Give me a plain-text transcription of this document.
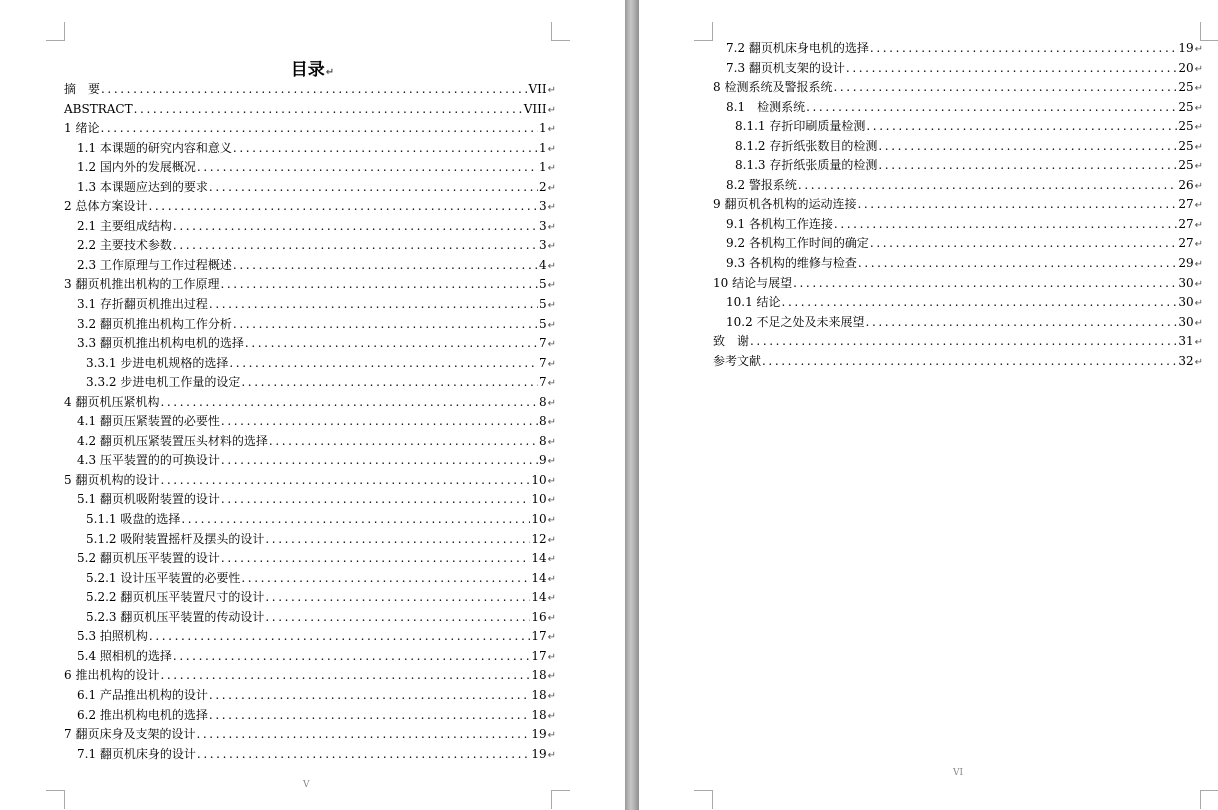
目录↵
摘　要 .....	VII ↵
ABSTRACT .....	VIII ↵
1 绪论 .....	1 ↵
1.1 本课题的研究内容和意义 .....	1 ↵
1.2 国内外的发展概况 .....	1 ↵
1.3 本课题应达到的要求 .....	2 ↵
2 总体方案设计 .....	3 ↵
2.1 主要组成结构 .....	3 ↵
2.2 主要技术参数 .....	3 ↵
2.3 工作原理与工作过程概述 .....	4 ↵
3 翻页机推出机构的工作原理 .....	5 ↵
3.1 存折翻页机推出过程 .....	5 ↵
3.2 翻页机推出机构工作分析 .....	5 ↵
3.3 翻页机推出机构电机的选择 .....	7 ↵
3.3.1 步进电机规格的选择 .....	7 ↵
3.3.2 步进电机工作量的设定 .....	7 ↵
4 翻页机压紧机构 .....	8 ↵
4.1 翻页压紧装置的必要性 .....	8 ↵
4.2 翻页机压紧装置压头材料的选择 .....	8 ↵
4.3 压平装置的的可换设计 .....	9 ↵
5 翻页机构的设计 .....	10 ↵
5.1 翻页机吸附装置的设计 .....	10 ↵
5.1.1 吸盘的选择 .....	10 ↵
5.1.2 吸附装置摇杆及摆头的设计 .....	12 ↵
5.2 翻页机压平装置的设计 .....	14 ↵
5.2.1 设计压平装置的必要性 .....	14 ↵
5.2.2 翻页机压平装置尺寸的设计 .....	14 ↵
5.2.3 翻页机压平装置的传动设计 .....	16 ↵
5.3 拍照机构 .....	17 ↵
5.4 照相机的选择 .....	17 ↵
6 推出机构的设计 .....	18 ↵
6.1 产品推出机构的设计 .....	18 ↵
6.2 推出机构电机的选择 .....	18 ↵
7 翻页床身及支架的设计 .....	19 ↵
7.1 翻页机床身的设计 .....	19 ↵
Ⅴ
VI
7.2 翻页机床身电机的选择 .....	19 ↵
7.3 翻页机支架的设计 .....	20 ↵
8 检测系统及警报系统 .....	25 ↵
8.1　检测系统 .....	25 ↵
8.1.1 存折印刷质量检测 .....	25 ↵
8.1.2 存折纸张数目的检测 .....	25 ↵
8.1.3 存折纸张质量的检测 .....	25 ↵
8.2 警报系统 .....	26 ↵
9 翻页机各机构的运动连接 .....	27 ↵
9.1 各机构工作连接 .....	27 ↵
9.2 各机构工作时间的确定 .....	27 ↵
9.3 各机构的维修与检查 .....	29 ↵
10 结论与展望 .....	30 ↵
10.1 结论 .....	30 ↵
10.2 不足之处及未来展望 .....	30 ↵
致　谢 .....	31 ↵
参考文献 .....	32 ↵
